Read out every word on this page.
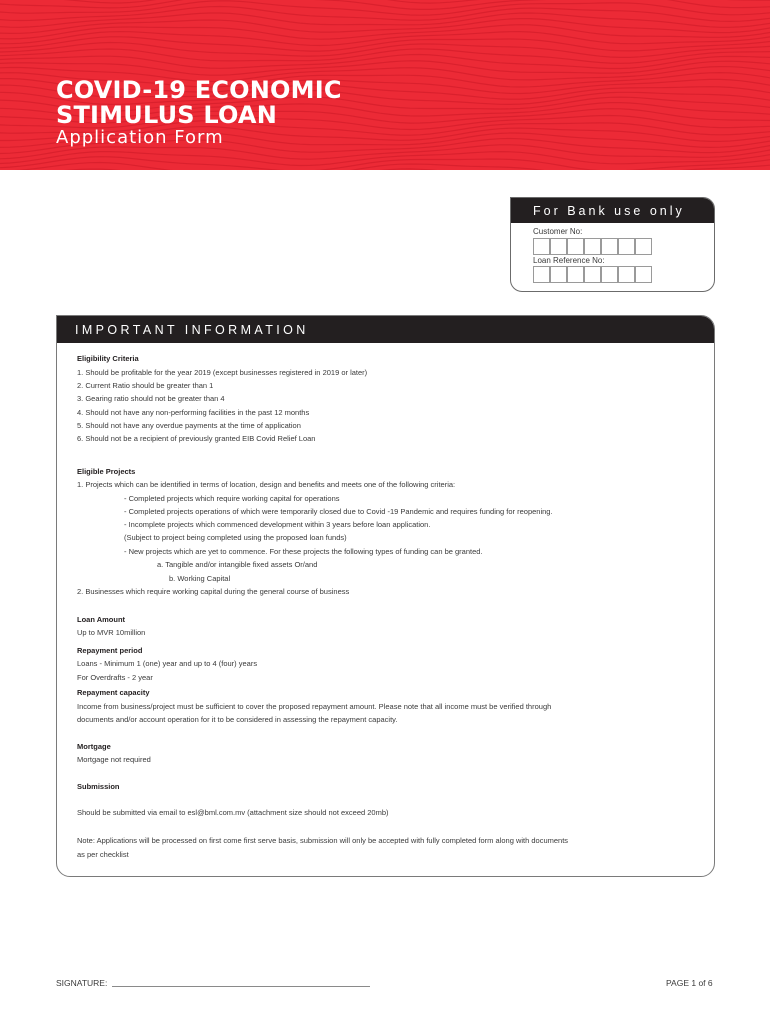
COVID-19 ECONOMIC
STIMULUS LOAN
Application Form
For Bank use only
Customer No:
Loan Reference No:
IMPORTANT INFORMATION
Eligibility Criteria
1. Should be profitable for the year 2019 (except businesses registered in 2019 or later)
2. Current Ratio should be greater than 1
3. Gearing ratio should not be greater than 4
4. Should not have any non-performing facilities in the past 12 months
5. Should not have any overdue payments at the time of application
6. Should not be a recipient of previously granted EIB Covid Relief Loan
Eligible Projects
1. Projects which can be identified in terms of location, design and benefits and meets one of the following criteria:
- Completed projects which require working capital for operations
- Completed projects operations of which were temporarily closed due to Covid -19 Pandemic and requires funding for reopening.
- Incomplete projects which commenced development within 3 years before loan application.
(Subject to project being completed using the proposed loan funds)
- New projects which are yet to commence. For these projects the following types of funding can be granted.
a. Tangible and/or intangible fixed assets Or/and
b. Working Capital
2. Businesses which require working capital during the general course of business
Loan Amount
Up to MVR 10million
Repayment period
Loans - Minimum 1 (one) year and up to 4 (four) years
For Overdrafts - 2 year
Repayment capacity
Income from business/project must be sufficient to cover the proposed repayment amount. Please note that all income must be verified through
documents and/or account operation for it to be considered in assessing the repayment capacity.
Mortgage
Mortgage not required
Submission
Should be submitted via email to esl@bml.com.mv (attachment size should not exceed 20mb)
Note: Applications will be processed on first come first serve basis, submission will only be accepted with fully completed form along with documents
as per checklist
SIGNATURE:	PAGE 1 of 6
